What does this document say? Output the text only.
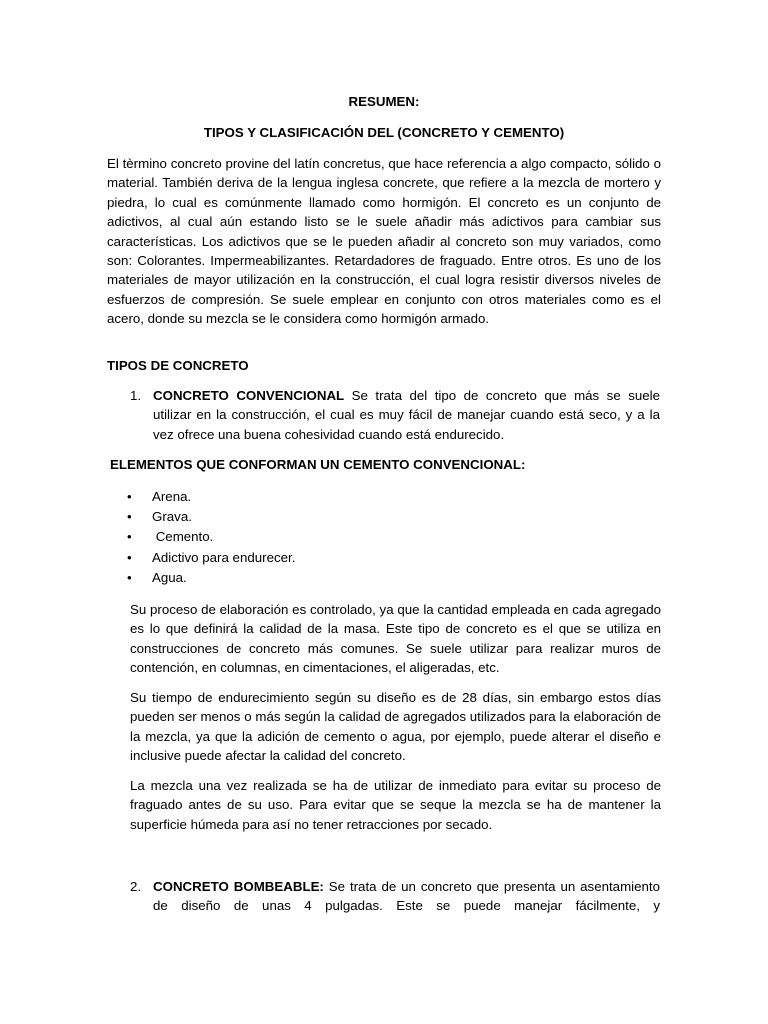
RESUMEN:
TIPOS Y CLASIFICACIÓN DEL (CONCRETO Y CEMENTO)

El tèrmino concreto provine del latín concretus, que hace referencia a algo compacto, sólido o material. También deriva de la lengua inglesa concrete, que refiere a la mezcla de mortero y piedra, lo cual es comúnmente llamado como hormigón. El concreto es un conjunto de adictivos, al cual aún estando listo se le suele añadir más adictivos para cambiar sus características. Los adictivos que se le pueden añadir al concreto son muy variados, como son: Colorantes. Impermeabilizantes. Retardadores de fraguado. Entre otros. Es uno de los materiales de mayor utilización en la construcción, el cual logra resistir diversos niveles de esfuerzos de compresión. Se suele emplear en conjunto con otros materiales como es el acero, donde su mezcla se le considera como hormigón armado.

TIPOS DE CONCRETO
1. CONCRETO CONVENCIONAL Se trata del tipo de concreto que más se suele utilizar en la construcción, el cual es muy fácil de manejar cuando está seco, y a la vez ofrece una buena cohesividad cuando está endurecido.
ELEMENTOS QUE CONFORMAN UN CEMENTO CONVENCIONAL:
• Arena.
• Grava.
• Cemento.
• Adictivo para endurecer.
• Agua.

Su proceso de elaboración es controlado, ya que la cantidad empleada en cada agregado es lo que definirá la calidad de la masa. Este tipo de concreto es el que se utiliza en construcciones de concreto más comunes. Se suele utilizar para realizar muros de contención, en columnas, en cimentaciones, el aligeradas, etc.

Su tiempo de endurecimiento según su diseño es de 28 días, sin embargo estos días pueden ser menos o más según la calidad de agregados utilizados para la elaboración de la mezcla, ya que la adición de cemento o agua, por ejemplo, puede alterar el diseño e inclusive puede afectar la calidad del concreto.

La mezcla una vez realizada se ha de utilizar de inmediato para evitar su proceso de fraguado antes de su uso. Para evitar que se seque la mezcla se ha de mantener la superficie húmeda para así no tener retracciones por secado.

2. CONCRETO BOMBEABLE: Se trata de un concreto que presenta un asentamiento de diseño de unas 4 pulgadas. Este se puede manejar fácilmente, y
